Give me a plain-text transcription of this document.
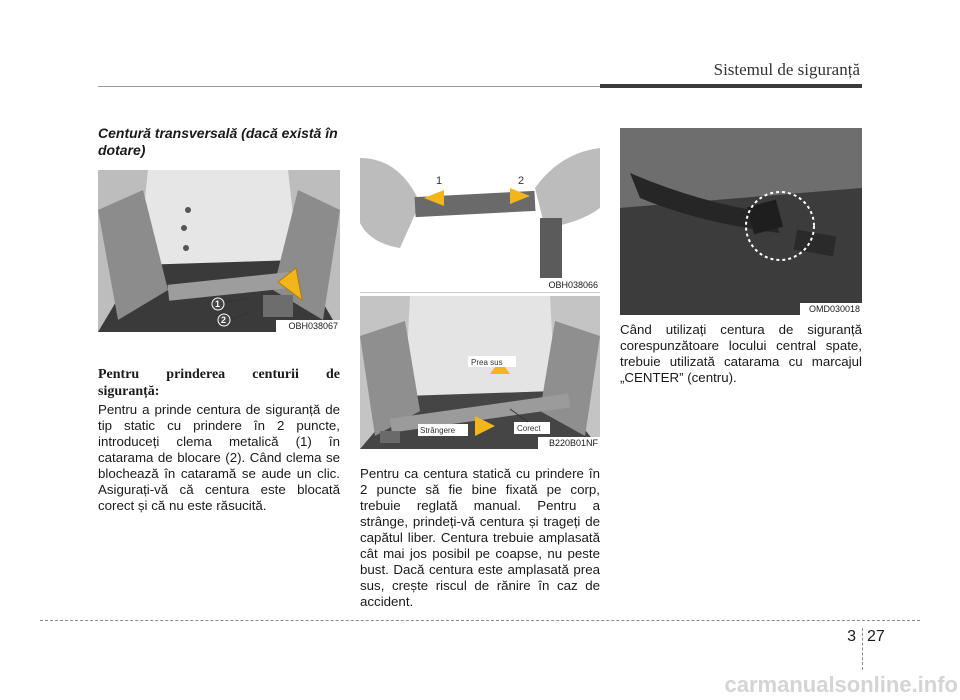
Sistemul de siguranță
Centură transversală (dacă există în dotare)
2
1
OBH038067
1	2
OBH038066
Prea sus
Strângere	Corect
B220B01NF
OMD030018
Pentru prinderea centurii de
siguranță:
Pentru a prinde centura de siguranță de tip static cu prindere în 2 puncte, introduceți clema metalică (1) în catarama de blocare (2). Când clema se blochează în cataramă se aude un clic. Asigurați-vă că centura este blocată corect și că nu este răsucită.
Pentru ca centura statică cu prindere în 2 puncte să fie bine fixată pe corp, trebuie reglată manual. Pentru a strânge, prindeți-vă centura și trageți de capătul liber. Centura trebuie amplasată cât mai jos posibil pe coapse, nu peste bust. Dacă centura este amplasată prea sus, crește riscul de rănire în caz de accident.
Când utilizați centura de siguranță corespunzătoare locului central spate, trebuie utilizată catarama cu marcajul „CENTER” (centru).
3 27
carmanualsonline.info
